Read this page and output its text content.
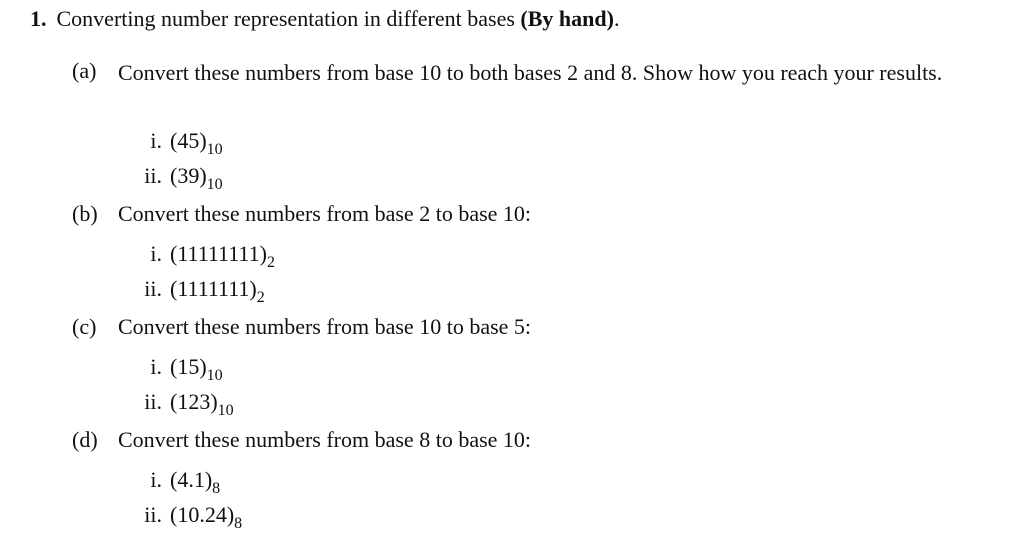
1. Converting number representation in different bases (By hand).
(a) Convert these numbers from base 10 to both bases 2 and 8. Show how you reach your results.
i. $(45)_{10}$
ii. $(39)_{10}$
(b) Convert these numbers from base 2 to base 10:
i. $(11111111)_2$
ii. $(1111111)_2$
(c) Convert these numbers from base 10 to base 5:
i. $(15)_{10}$
ii. $(123)_{10}$
(d) Convert these numbers from base 8 to base 10:
i. $(4.1)_8$
ii. $(10.24)_8$
